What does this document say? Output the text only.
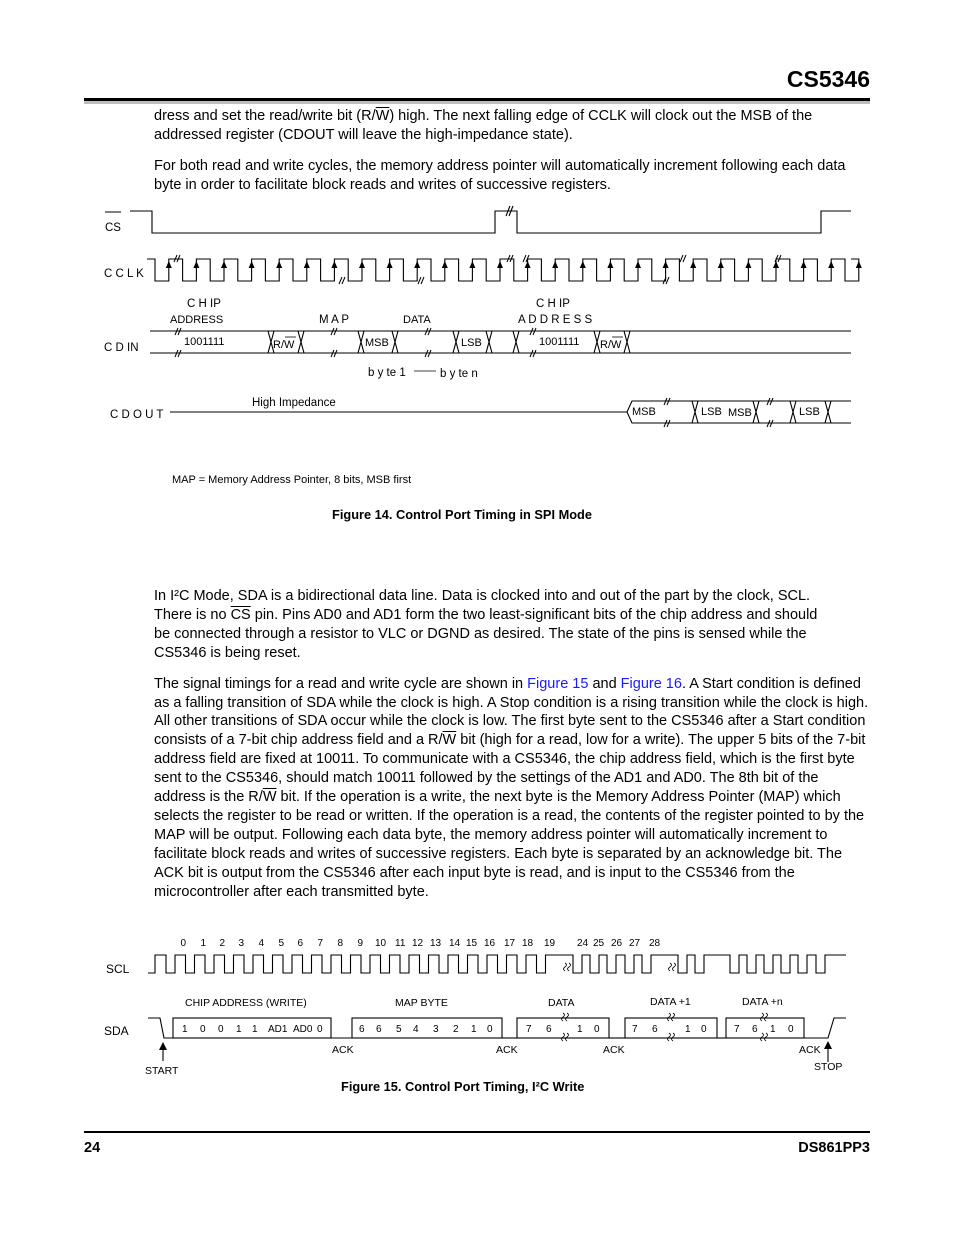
CS5346

dress and set the read/write bit $(R/\overline{W})$ high. The next falling edge of CCLK will clock out the MSB of the
addressed register (CDOUT will leave the high-impedance state).

For both read and write cycles, the memory address pointer will automatically increment following each data byte in order to facilitate block reads and writes of successive registers.

CS
C C L K
C D IN
C D O U T
C H IP
ADDRESS	M A P	DATA
C H IP
A D D R E S S
1001111	R/W	MSB	LSB	1001111 R/W
b y te 1	b y te n
High Impedance
MSB	LSB MSB	LSB
MAP = Memory Address Pointer, 8 bits, MSB first
Figure 14. Control Port Timing in SPI Mode

In I²C Mode, SDA is a bidirectional data line. Data is clocked into and out of the part by the clock, SCL.
There is no $\overline{CS}$ pin. Pins AD0 and AD1 form the two least-significant bits of the chip address and should
be connected through a resistor to VLC or DGND as desired. The state of the pins is sensed while the
CS5346 is being reset.

The signal timings for a read and write cycle are shown in Figure 15 and Figure 16. A Start condition is defined as a falling transition of SDA while the clock is high. A Stop condition is a rising transition while the clock is high. All other transitions of SDA occur while the clock is low. The first byte sent to the CS5346 after a Start condition consists of a 7-bit chip address field and a $R/\overline{W}$ bit (high for a read, low for a write). The upper 5 bits of the 7-bit address field are fixed at 10011. To communicate with a CS5346, the chip address field, which is the first byte sent to the CS5346, should match 10011 followed by the settings of the AD1 and AD0. The 8th bit of the address is the $R/\overline{W}$ bit. If the operation is a write, the next byte is the Memory Address Pointer (MAP) which selects the register to be read or written. If the operation is a read, the contents of the register pointed to by the MAP will be output. Following each data byte, the memory address pointer will automatically increment to facilitate block reads and writes of successive registers. Each byte is separated by an acknowledge bit. The ACK bit is output from the CS5346 after each input byte is read, and is input to the CS5346 from the microcontroller after each transmitted byte.

0 1 2 3 4 5 6 7 8 9 10 11 12 13 14 15 16 17 18 19 24 25 26 27 28
SCL
SDA
CHIP ADDRESS (WRITE)	MAP BYTE	DATA	DATA +1	DATA +n
1 0 0 1 1 AD1 AD0 0	6 6 5 4 3 2 1 0	7 6	1 0	7 6	1 0	7 6 1 0
ACK	ACK	ACK	ACK
START	STOP
Figure 15. Control Port Timing, I²C Write
24	DS861PP3
